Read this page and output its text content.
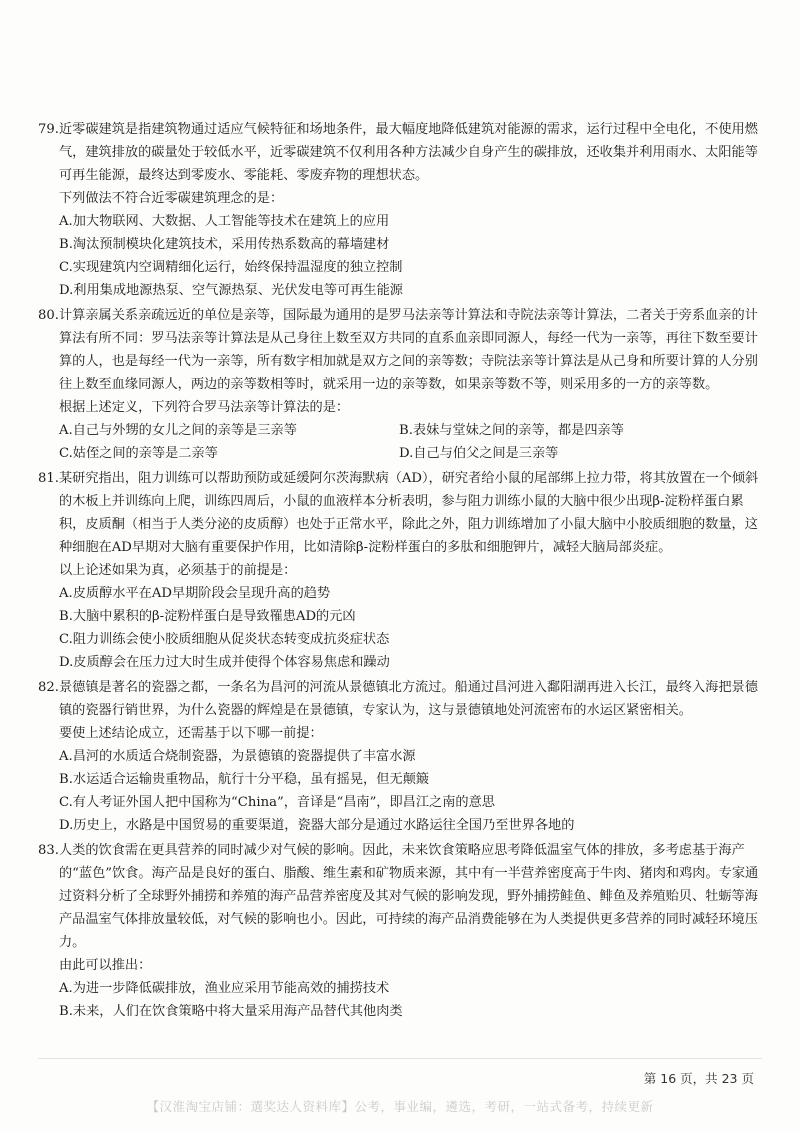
79.近零碳建筑是指建筑物通过适应气候特征和场地条件，最大幅度地降低建筑对能源的需求，运行过程中全电化，不使用燃气，建筑排放的碳量处于较低水平，近零碳建筑不仅利用各种方法减少自身产生的碳排放，还收集并利用雨水、太阳能等可再生能源，最终达到零废水、零能耗、零废弃物的理想状态。

下列做法不符合近零碳建筑理念的是：

A.加大物联网、大数据、人工智能等技术在建筑上的应用

B.淘汰预制模块化建筑技术，采用传热系数高的幕墙建材

C.实现建筑内空调精细化运行，始终保持温湿度的独立控制

D.利用集成地源热泵、空气源热泵、光伏发电等可再生能源

80.计算亲属关系亲疏远近的单位是亲等，国际最为通用的是罗马法亲等计算法和寺院法亲等计算法，二者关于旁系血亲的计算法有所不同：罗马法亲等计算法是从己身往上数至双方共同的直系血亲即同源人，每经一代为一亲等，再往下数至要计算的人，也是每经一代为一亲等，所有数字相加就是双方之间的亲等数；寺院法亲等计算法是从己身和所要计算的人分别往上数至血缘同源人，两边的亲等数相等时，就采用一边的亲等数，如果亲等数不等，则采用多的一方的亲等数。

根据上述定义，下列符合罗马法亲等计算法的是：

A.自己与外甥的女儿之间的亲等是三亲等	B.表妹与堂妹之间的亲等，都是四亲等

C.姑侄之间的亲等是二亲等	D.自己与伯父之间是三亲等

81.某研究指出，阻力训练可以帮助预防或延缓阿尔茨海默病（AD），研究者给小鼠的尾部绑上拉力带，将其放置在一个倾斜的木板上并训练向上爬，训练四周后，小鼠的血液样本分析表明，参与阻力训练小鼠的大脑中很少出现β-淀粉样蛋白累积，皮质酮（相当于人类分泌的皮质醇）也处于正常水平，除此之外，阻力训练增加了小鼠大脑中小胶质细胞的数量，这种细胞在AD早期对大脑有重要保护作用，比如清除β-淀粉样蛋白的多肽和细胞钾片，减轻大脑局部炎症。

以上论述如果为真，必须基于的前提是：

A.皮质醇水平在AD早期阶段会呈现升高的趋势

B.大脑中累积的β-淀粉样蛋白是导致罹患AD的元凶

C.阻力训练会使小胶质细胞从促炎状态转变成抗炎症状态

D.皮质醇会在压力过大时生成并使得个体容易焦虑和躁动

82.景德镇是著名的瓷器之都，一条名为昌河的河流从景德镇北方流过。船通过昌河进入鄱阳湖再进入长江，最终入海把景德镇的瓷器行销世界，为什么瓷器的辉煌是在景德镇，专家认为，这与景德镇地处河流密布的水运区紧密相关。

要使上述结论成立，还需基于以下哪一前提：

A.昌河的水质适合烧制瓷器，为景德镇的瓷器提供了丰富水源

B.水运适合运输贵重物品，航行十分平稳，虽有摇晃，但无颠簸

C.有人考证外国人把中国称为“China”，音译是“昌南”，即昌江之南的意思

D.历史上，水路是中国贸易的重要渠道，瓷器大部分是通过水路运往全国乃至世界各地的

83.人类的饮食需在更具营养的同时减少对气候的影响。因此，未来饮食策略应思考降低温室气体的排放，多考虑基于海产的“蓝色”饮食。海产品是良好的蛋白、脂酸、维生素和矿物质来源，其中有一半营养密度高于牛肉、猪肉和鸡肉。专家通过资料分析了全球野外捕捞和养殖的海产品营养密度及其对气候的影响发现，野外捕捞鲑鱼、鲱鱼及养殖贻贝、牡蛎等海产品温室气体排放量较低，对气候的影响也小。因此，可持续的海产品消费能够在为人类提供更多营养的同时减轻环境压力。

由此可以推出：

A.为进一步降低碳排放，渔业应采用节能高效的捕捞技术

B.未来，人们在饮食策略中将大量采用海产品替代其他肉类

第 16 页，共 23 页
【汉淮淘宝店铺：選奖达人资料库】公考，事业编，遴选，考研，一站式备考，持续更新
